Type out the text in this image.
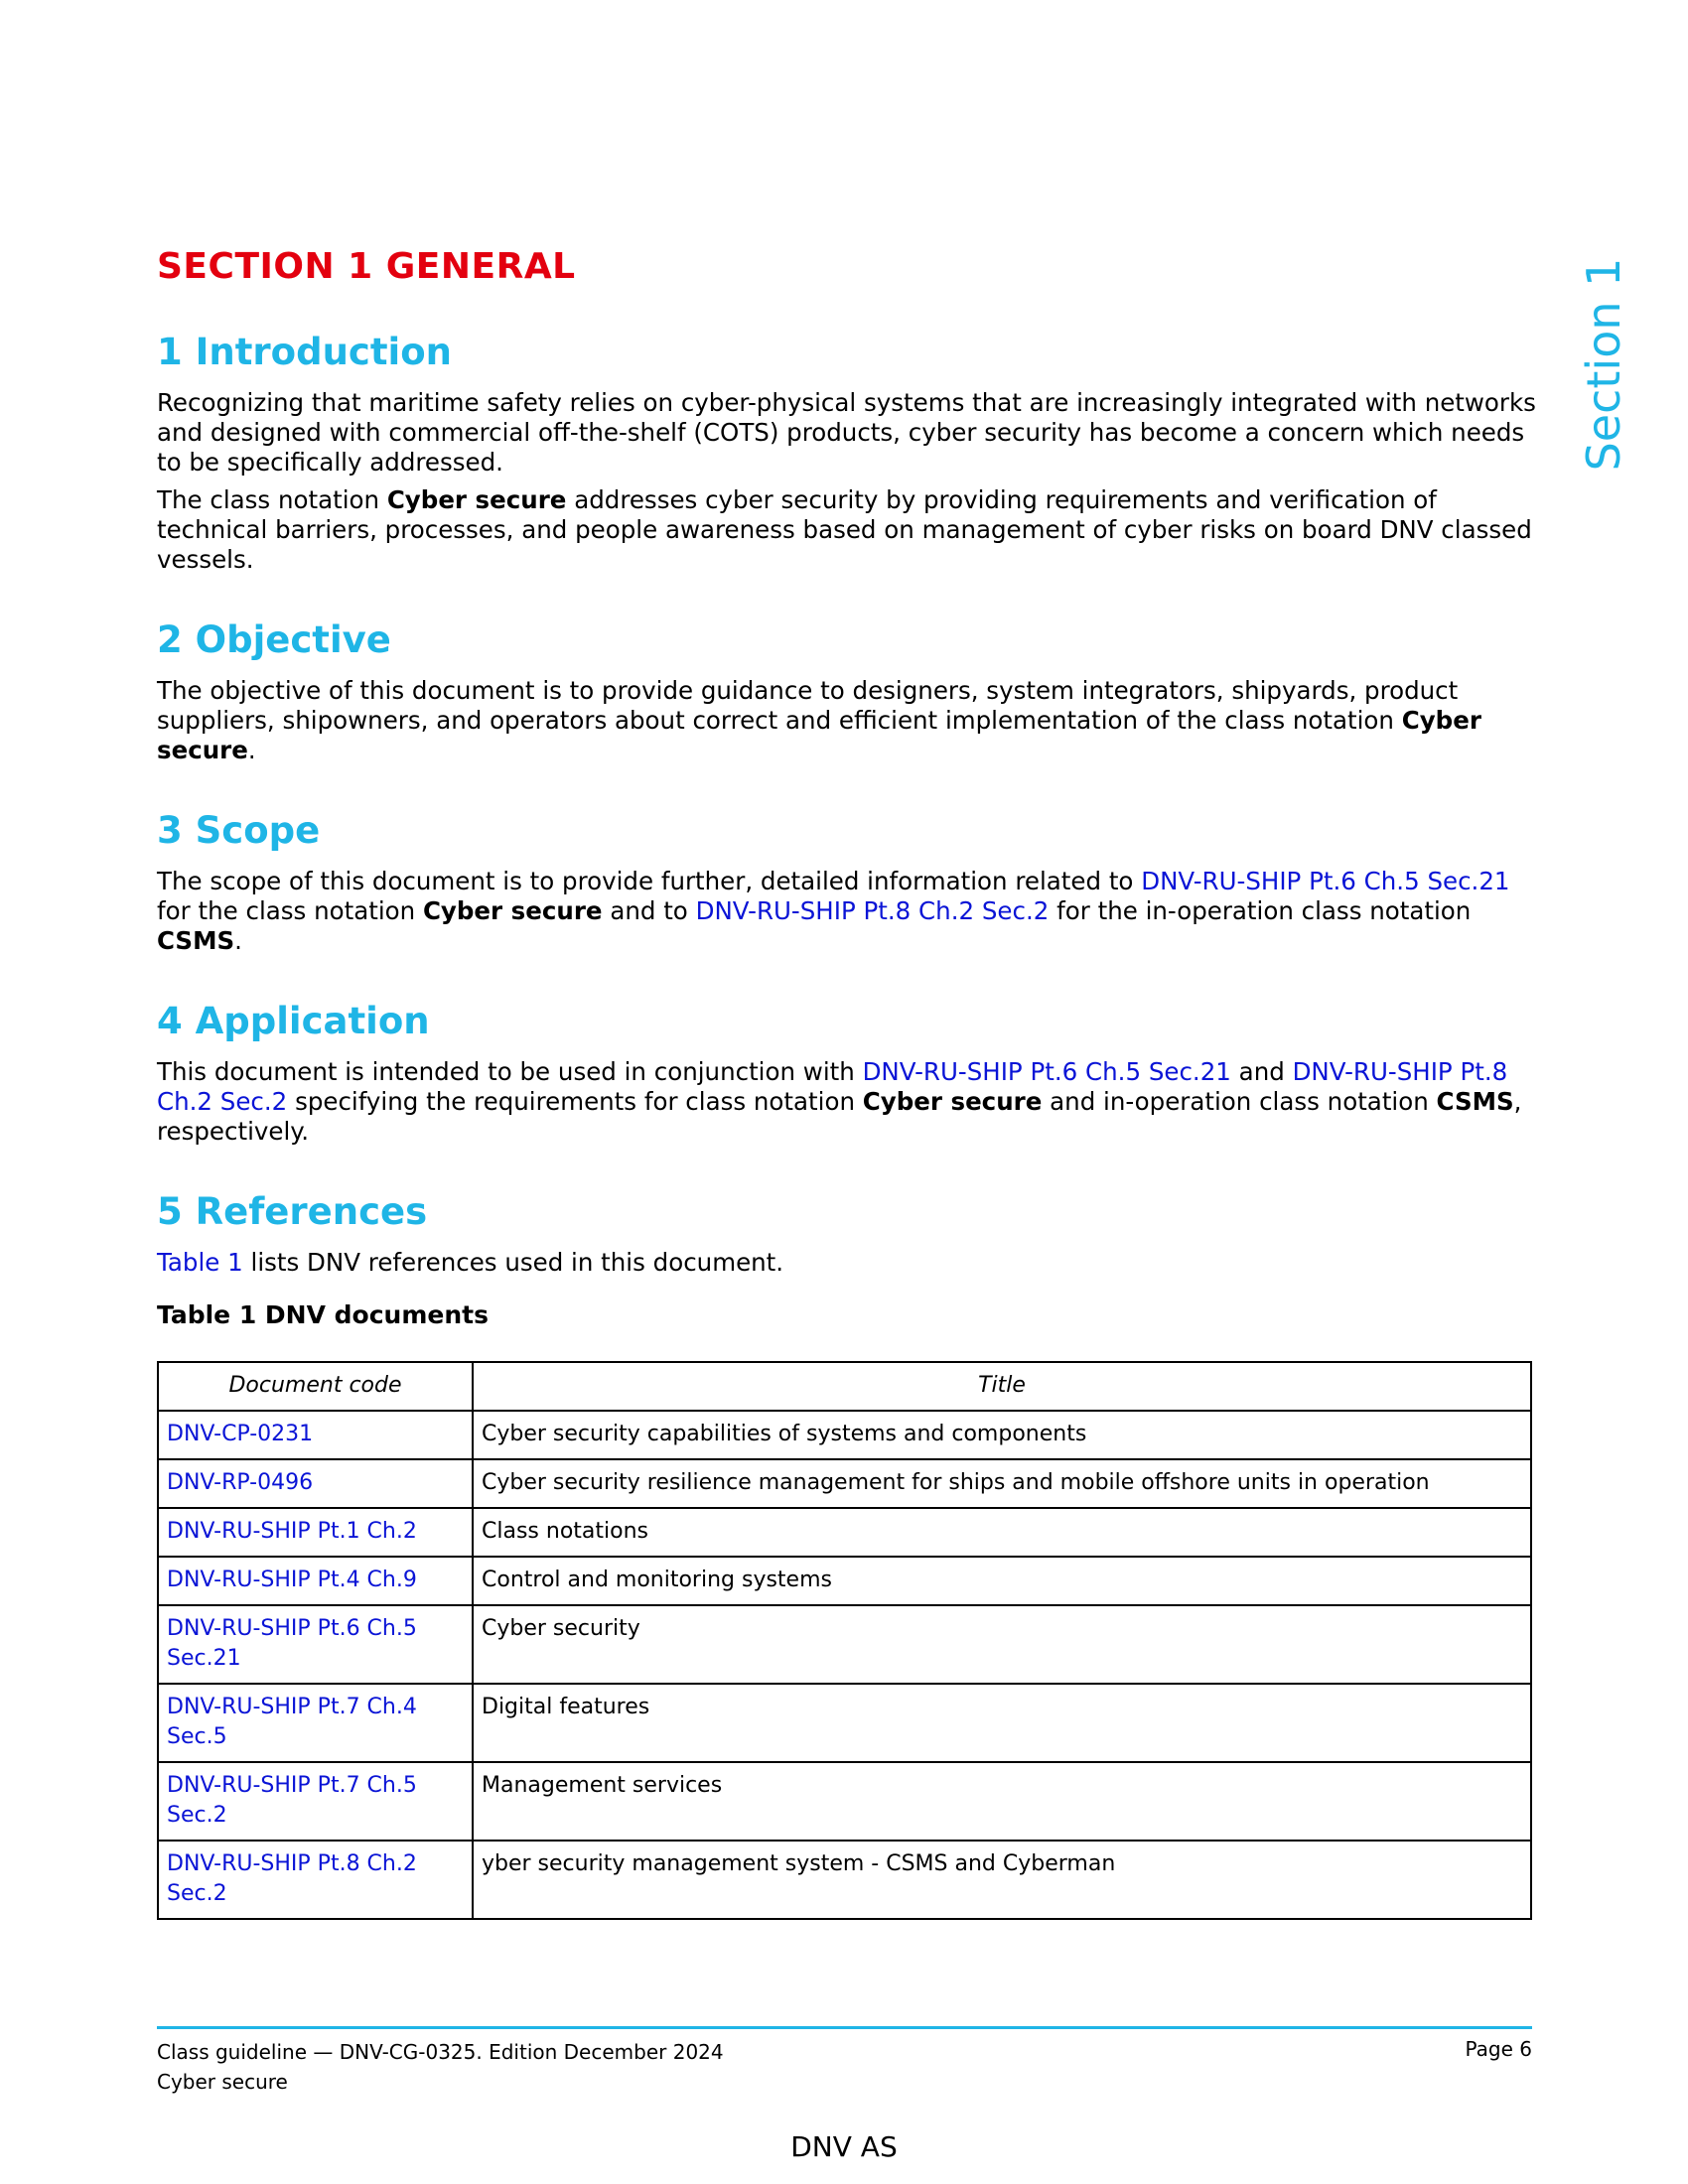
SECTION 1 GENERAL
1 Introduction

Recognizing that maritime safety relies on cyber-physical systems that are increasingly integrated with networks and designed with commercial off-the-shelf (COTS) products, cyber security has become a concern which needs to be specifically addressed.

The class notation Cyber secure addresses cyber security by providing requirements and verification of technical barriers, processes, and people awareness based on management of cyber risks on board DNV classed vessels.

2 Objective

The objective of this document is to provide guidance to designers, system integrators, shipyards, product suppliers, shipowners, and operators about correct and efficient implementation of the class notation Cyber secure.

3 Scope

The scope of this document is to provide further, detailed information related to DNV-RU-SHIP Pt.6 Ch.5 Sec.21 for the class notation Cyber secure and to DNV-RU-SHIP Pt.8 Ch.2 Sec.2 for the in-operation class notation CSMS.

4 Application

This document is intended to be used in conjunction with DNV-RU-SHIP Pt.6 Ch.5 Sec.21 and DNV-RU-SHIP Pt.8 Ch.2 Sec.2 specifying the requirements for class notation Cyber secure and in-operation class notation CSMS, respectively.

5 References

Table 1 lists DNV references used in this document.

Table 1 DNV documents
Document code	Title
DNV-CP-0231	Cyber security capabilities of systems and components
DNV-RP-0496	Cyber security resilience management for ships and mobile offshore units in operation
DNV-RU-SHIP Pt.1 Ch.2	Class notations
DNV-RU-SHIP Pt.4 Ch.9	Control and monitoring systems
DNV-RU-SHIP Pt.6 Ch.5 Sec.21	Cyber security
DNV-RU-SHIP Pt.7 Ch.4 Sec.5	Digital features
DNV-RU-SHIP Pt.7 Ch.5 Sec.2	Management services
DNV-RU-SHIP Pt.8 Ch.2 Sec.2	yber security management system - CSMS and Cyberman
Section 1
Class guideline — DNV-CG-0325. Edition December 2024
Cyber secure
Page 6
DNV AS
